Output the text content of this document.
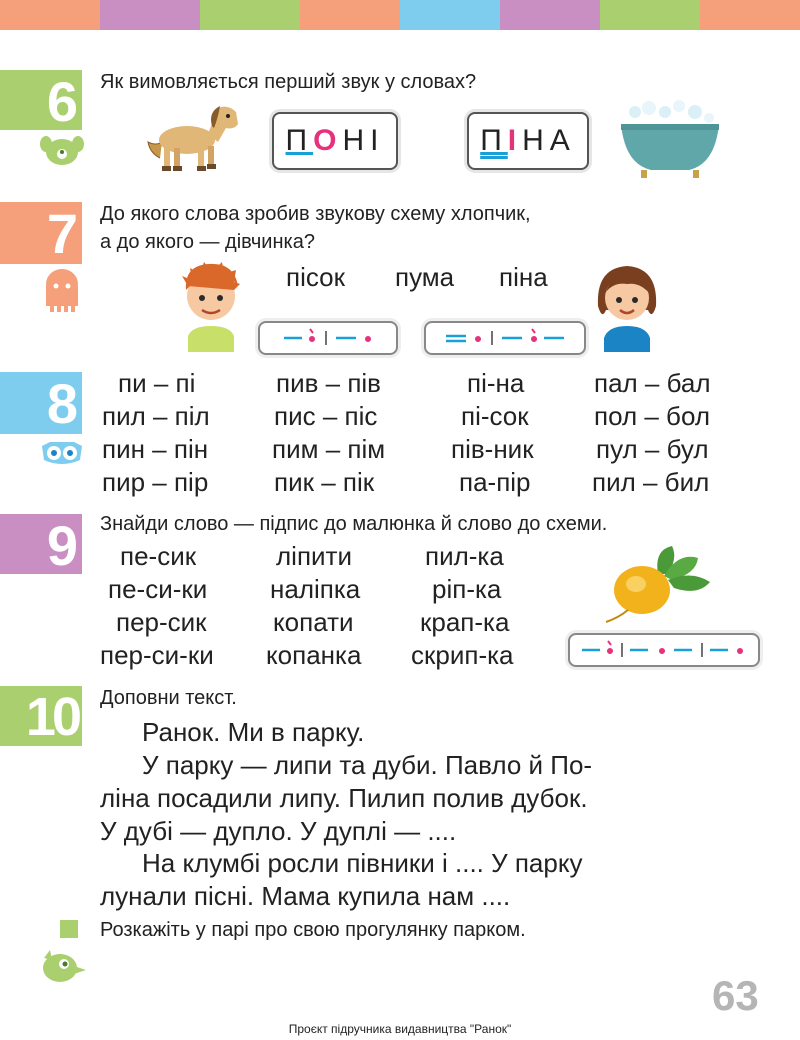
6 Як вимовляється перший звук у словах?
П О Н І	П І Н А
7 До якого слова зробив звукову схему хлопчик,
а до якого — дівчинка?
пісок пума піна
8 пи – пі	пив – пів	пі-на	пал – бал
пил – піл пис – піс	пі-сок	пол – бол
пин – пін пим – пім	пів-ник пул – бул
пир – пір	пик – пік	па-пір пил – бил
9 Знайди слово — підпис до малюнка й слово до схеми.
пе-сик	ліпити	пил-ка
пе-си-ки наліпка	ріп-ка
пер-сик	копати	крап-ка
пер-си-ки копанка скрип-ка
10 Доповни текст.
Ранок. Ми в парку.
У парку — липи та дуби. Павло й По-
ліна посадили липу. Пилип полив дубок.
У дубі — дупло. У дуплі — ....
На клумбі росли півники і .... У парку
лунали пісні. Мама купила нам ....
Розкажіть у парі про свою прогулянку парком.
63
Проєкт підручника видавництва "Ранок"
